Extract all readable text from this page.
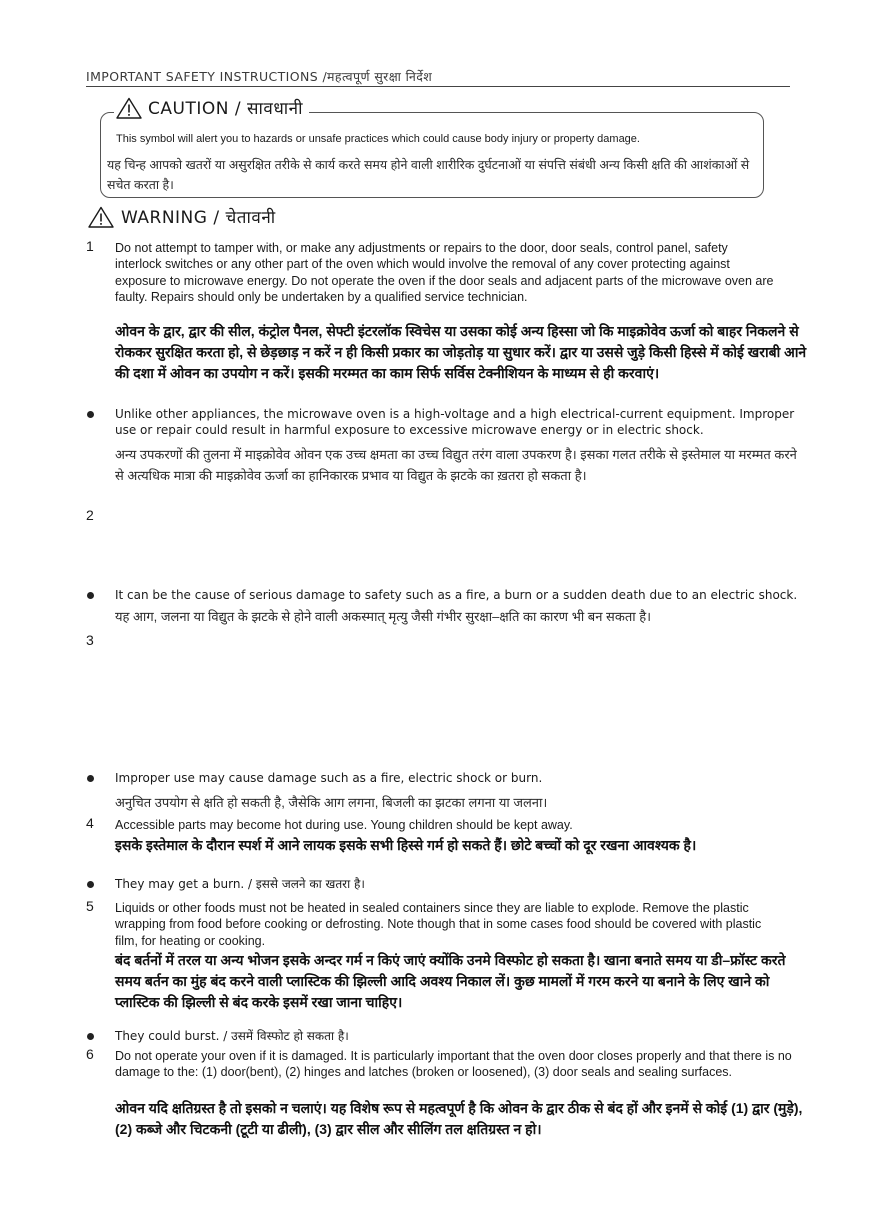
IMPORTANT SAFETY INSTRUCTIONS /महत्वपूर्ण सुरक्षा निर्देश
CAUTION / सावधानी
This symbol will alert you to hazards or unsafe practices which could cause body injury or property damage.
यह चिन्ह आपको खतरों या असुरक्षित तरीके से कार्य करते समय होने वाली शारीरिक दुर्घटनाओं या संपत्ति संबंधी अन्य किसी क्षति की आशंकाओं से सचेत करता है।
WARNING / चेतावनी
1 Do not attempt to tamper with, or make any adjustments or repairs to the door, door seals, control panel, safety interlock switches or any other part of the oven which would involve the removal of any cover protecting against exposure to microwave energy. Do not operate the oven if the door seals and adjacent parts of the microwave oven are faulty. Repairs should only be undertaken by a qualified service technician.
ओवन के द्वार, द्वार की सील, कंट्रोल पैनल, सेफ्टी इंटरलॉक स्विचेस या उसका कोई अन्य हिस्सा जो कि माइक्रोवेव ऊर्जा को बाहर निकलने से रोककर सुरक्षित करता हो, से छेड़छाड़ न करें न ही किसी प्रकार का जोड़तोड़ या सुधार करें। द्वार या उससे जुड़े किसी हिस्से में कोई खराबी आने की दशा में ओवन का उपयोग न करें। इसकी मरम्मत का काम सिर्फ सर्विस टेक्नीशियन के माध्यम से ही करवाएं।
Unlike other appliances, the microwave oven is a high-voltage and a high electrical-current equipment. Improper use or repair could result in harmful exposure to excessive microwave energy or in electric shock.
अन्य उपकरणों की तुलना में माइक्रोवेव ओवन एक उच्च क्षमता का उच्च विद्युत तरंग वाला उपकरण है। इसका गलत तरीके से इस्तेमाल या मरम्मत करने से अत्यधिक मात्रा की माइक्रोवेव ऊर्जा का हानिकारक प्रभाव या विद्युत के झटके का ख़तरा हो सकता है।
2
It can be the cause of serious damage to safety such as a fire, a burn or a sudden death due to an electric shock.
यह आग, जलना या विद्युत के झटके से होने वाली अकस्मात् मृत्यु जैसी गंभीर सुरक्षा–क्षति का कारण भी बन सकता है।
3
Improper use may cause damage such as a fire, electric shock or burn.
अनुचित उपयोग से क्षति हो सकती है, जैसेकि आग लगना, बिजली का झटका लगना या जलना।
4 Accessible parts may become hot during use. Young children should be kept away.
इसके इस्तेमाल के दौरान स्पर्श में आने लायक इसके सभी हिस्से गर्म हो सकते हैं। छोटे बच्चों को दूर रखना आवश्यक है।
They may get a burn. / इससे जलने का खतरा है।
5 Liquids or other foods must not be heated in sealed containers since they are liable to explode. Remove the plastic wrapping from food before cooking or defrosting. Note though that in some cases food should be covered with plastic film, for heating or cooking.
बंद बर्तनों में तरल या अन्य भोजन इसके अन्दर गर्म न किएं जाएं क्योंकि उनमे विस्फोट हो सकता है। खाना बनाते समय या डी–फ्रॉस्ट करते समय बर्तन का मुंह बंद करने वाली प्लास्टिक की झिल्ली आदि अवश्य निकाल लें। कुछ मामलों में गरम करने या बनाने के लिए खाने को प्लास्टिक की झिल्ली से बंद करके इसमें रखा जाना चाहिए।
They could burst. / उसमें विस्फोट हो सकता है।
6 Do not operate your oven if it is damaged. It is particularly important that the oven door closes properly and that there is no damage to the: (1) door(bent), (2) hinges and latches (broken or loosened), (3) door seals and sealing surfaces.
ओवन यदि क्षतिग्रस्त है तो इसको न चलाएं। यह विशेष रूप से महत्वपूर्ण है कि ओवन के द्वार ठीक से बंद हों और इनमें से कोई (1) द्वार (मुड़े), (2) कब्जे और चिटकनी (टूटी या ढीली), (3) द्वार सील और सीलिंग तल क्षतिग्रस्त न हो।
